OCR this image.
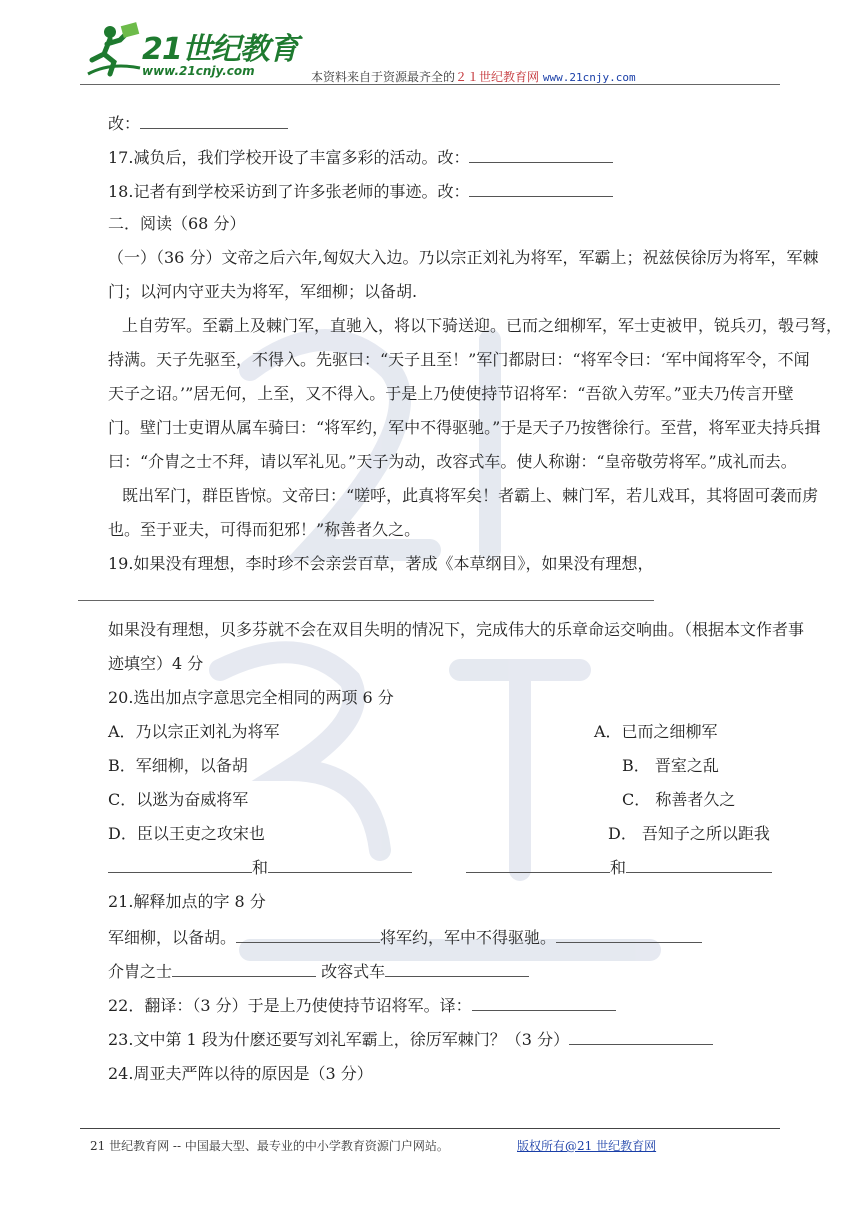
21世纪教育
www.21cnjy.com	本资料来自于资源最齐全的２１世纪教育网 www.21cnjy.com
改：
17.减负后，我们学校开设了丰富多彩的活动。改：
18.记者有到学校采访到了许多张老师的事迹。改：
二．阅读（68 分）
（一）（36 分）文帝之后六年,匈奴大入边。乃以宗正刘礼为将军，军霸上；祝兹侯徐厉为将军，军棘
门；以河内守亚夫为将军，军细柳；以备胡.
上自劳军。至霸上及棘门军，直驰入，将以下骑送迎。已而之细柳军，军士吏被甲，锐兵刃，彀弓弩，
持满。天子先驱至，不得入。先驱曰：“天子且至！”军门都尉曰：“将军令曰：‘军中闻将军令，不闻
天子之诏。’”居无何，上至，又不得入。于是上乃使使持节诏将军：“吾欲入劳军。”亚夫乃传言开壁
门。壁门士吏谓从属车骑曰：“将军约，军中不得驱驰。”于是天子乃按辔徐行。至营，将军亚夫持兵揖
曰：“介胄之士不拜，请以军礼见。”天子为动，改容式车。使人称谢：“皇帝敬劳将军。”成礼而去。
既出军门，群臣皆惊。文帝曰：“嗟呼，此真将军矣！者霸上、棘门军，若儿戏耳，其将固可袭而虏
也。至于亚夫，可得而犯邪！”称善者久之。
19.如果没有理想，李时珍不会亲尝百草，著成《本草纲目》，如果没有理想，
如果没有理想，贝多芬就不会在双目失明的情况下，完成伟大的乐章命运交响曲。（根据本文作者事
迹填空）4 分
20.选出加点字意思完全相同的两项 6 分
A．乃以宗正刘礼为将军	A．已而之细柳军
B．军细柳，以备胡	B． 晋室之乱
C．以逖为奋威将军	C． 称善者久之
D．臣以王吏之攻宋也	D． 吾知子之所以距我
和	和
21.解释加点的字 8 分
军细柳，以备胡。	将军约，军中不得驱驰。
介胄之士	改容式车
22．翻译：（3 分）于是上乃使使持节诏将军。译：
23.文中第 1 段为什麽还要写刘礼军霸上，徐厉军棘门？（3 分）
24.周亚夫严阵以待的原因是（3 分）
21 世纪教育网 -- 中国最大型、最专业的中小学教育资源门户网站。	版权所有@21 世纪教育网
